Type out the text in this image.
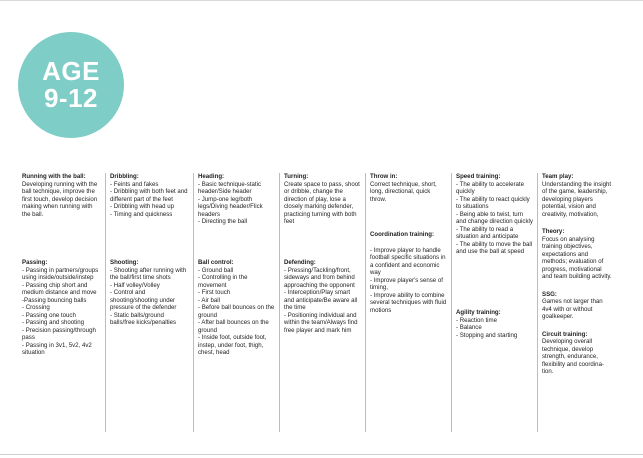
AGE
9-12
Running with the ball:
Developing running with the ball technique, improve the first touch, develop decision making when running with the ball.
Passing:
- Passing in partners/groups using inside/outside/instep
- Passing chip short and medium distance and move
-Passing bouncing balls
- Crossing
- Passing one touch
- Passing and shooting
- Precision passing/through pass
- Passing in 3v1, 5v2, 4v2 situation
Dribbling:
- Feints and fakes
- Dribbling with both feet and different part of the feet
- Dribbling with head up
- Timing and quickness
Shooting:
- Shooting after running with the ball/first time shots
- Half volley/Volley
- Control and shooting/shooting under pressure of the defender
- Static balls/ground balls/free kicks/penalties
Heading:
- Basic technique-static header/Side header
- Jump-one leg/both legs/Diving header/Flick headers
- Directing the ball
Ball control:
- Ground ball
- Controlling in the movement
- First touch
- Air ball
- Before ball bounces on the ground
- After ball bounces on the ground
- Inside foot, outside foot, instep, under foot, thigh, chest, head
Turning:
Create space to pass, shoot or dribble, change the direction of play, lose a closely marking defender, practicing turning with both feet
Defending:
- Pressing/Tackling/front, sideways and from behind approaching the opponent
- Interception/Play smart and anticipate/Be aware all the time
- Positioning individual and within the team/Always find free player and mark him
Throw in:
Correct technique, short, long, directional, quick throw.
Coordination training:
- Improve player to handle football specific situations in a confident and economic way
- Improve player's sense of timing,
- Improve ability to combine several techniques with fluid motions
Speed training:
- The ability to accelerate quickly
- The ability to react quickly to situations
- Being able to twist, turn and change direction quickly
- The ability to read a situation and anticipate
- The ability to move the ball and use the ball at speed
Agility training:
- Reaction time
- Balance
- Stopping and starting
Team play:
Understanding the insight of the game, leadership, developing players potential, vision and creativity, motivation,
Theory:
Focus on analysing training objectives, expectations and methods; evaluation of progress, motivational and team building activity.
SSG:
Games not larger than 4v4 with or without goalkeeper.
Circuit training:
Developing overall technique, develop strength, endurance, flexibility and coordina-tion.
